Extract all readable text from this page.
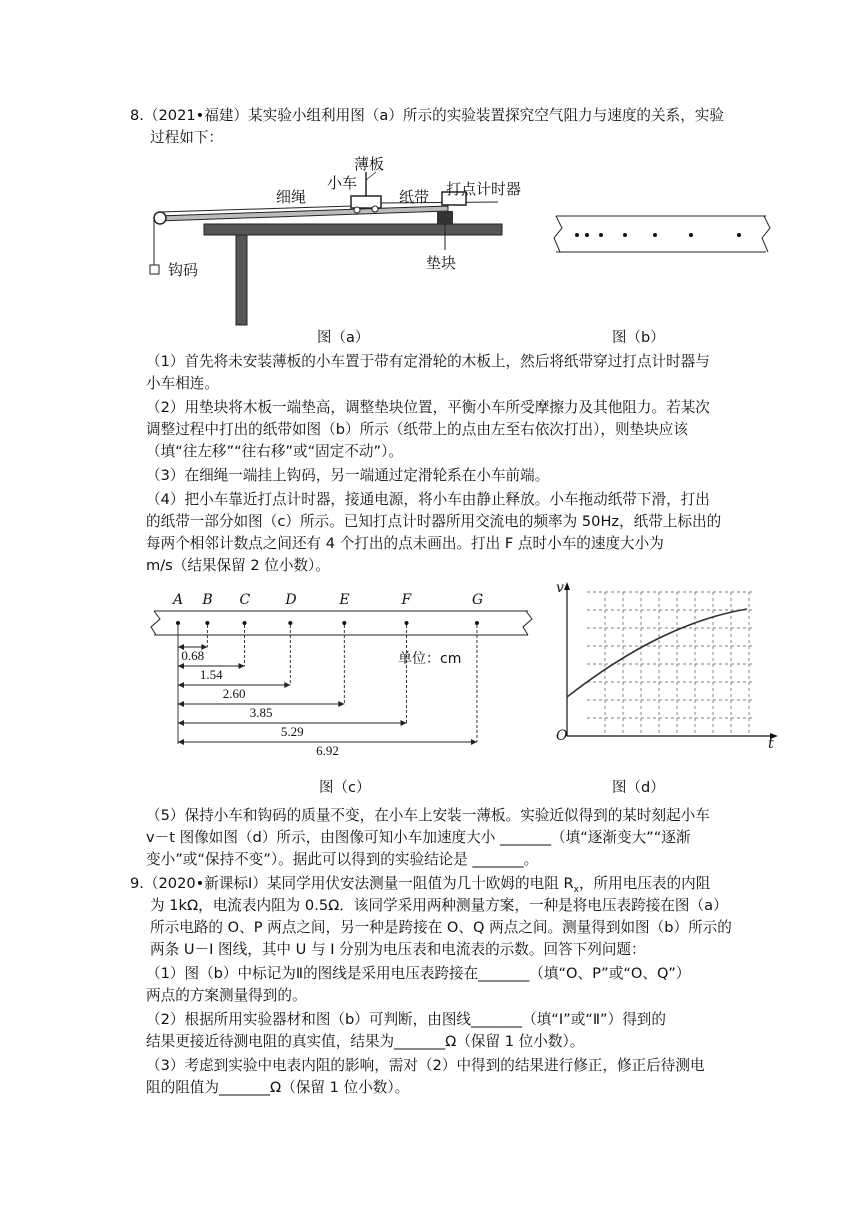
8.（2021•福建）某实验小组利用图（a）所示的实验装置探究空气阻力与速度的关系，实验
过程如下：
薄板
小车
细绳	纸带 打点计时器
钩码	垫块
图（a）	图（b）
（1）首先将未安装薄板的小车置于带有定滑轮的木板上，然后将纸带穿过打点计时器与
小车相连。
（2）用垫块将木板一端垫高，调整垫块位置，平衡小车所受摩擦力及其他阻力。若某次
调整过程中打出的纸带如图（b）所示（纸带上的点由左至右依次打出），则垫块应该
（填“往左移”“往右移”或“固定不动”）。
（3）在细绳一端挂上钩码，另一端通过定滑轮系在小车前端。
（4）把小车靠近打点计时器，接通电源，将小车由静止释放。小车拖动纸带下滑，打出
的纸带一部分如图（c）所示。已知打点计时器所用交流电的频率为 50Hz，纸带上标出的
每两个相邻计数点之间还有 4 个打出的点未画出。打出 F 点时小车的速度大小为
m/s（结果保留 2 位小数）。
0.68
1.54
2.60
3.85
5.29
6.92
A B C	D	E	F	G
单位：cm
图（c）
v
t
O
图（d）
（5）保持小车和钩码的质量不变，在小车上安装一薄板。实验近似得到的某时刻起小车
v－t 图像如图（d）所示，由图像可知小车加速度大小 _______（填“逐渐变大”“逐渐
变小”或“保持不变”）。据此可以得到的实验结论是 _______。
9.（2020•新课标Ⅰ）某同学用伏安法测量一阻值为几十欧姆的电阻 $R_x$，所用电压表的内阻
为 1kΩ，电流表内阻为 0.5Ω．该同学采用两种测量方案，一种是将电压表跨接在图（a）
所示电路的 O、P 两点之间，另一种是跨接在 O、Q 两点之间。测量得到如图（b）所示的
两条 U－I 图线，其中 U 与 I 分别为电压表和电流表的示数。回答下列问题：
（1）图（b）中标记为Ⅱ的图线是采用电压表跨接在_______（填“O、P”或“O、Q”）
两点的方案测量得到的。
（2）根据所用实验器材和图（b）可判断，由图线_______（填“Ⅰ”或“Ⅱ”）得到的
结果更接近待测电阻的真实值，结果为_______Ω（保留 1 位小数）。
（3）考虑到实验中电表内阻的影响，需对（2）中得到的结果进行修正，修正后待测电
阻的阻值为_______Ω（保留 1 位小数）。
